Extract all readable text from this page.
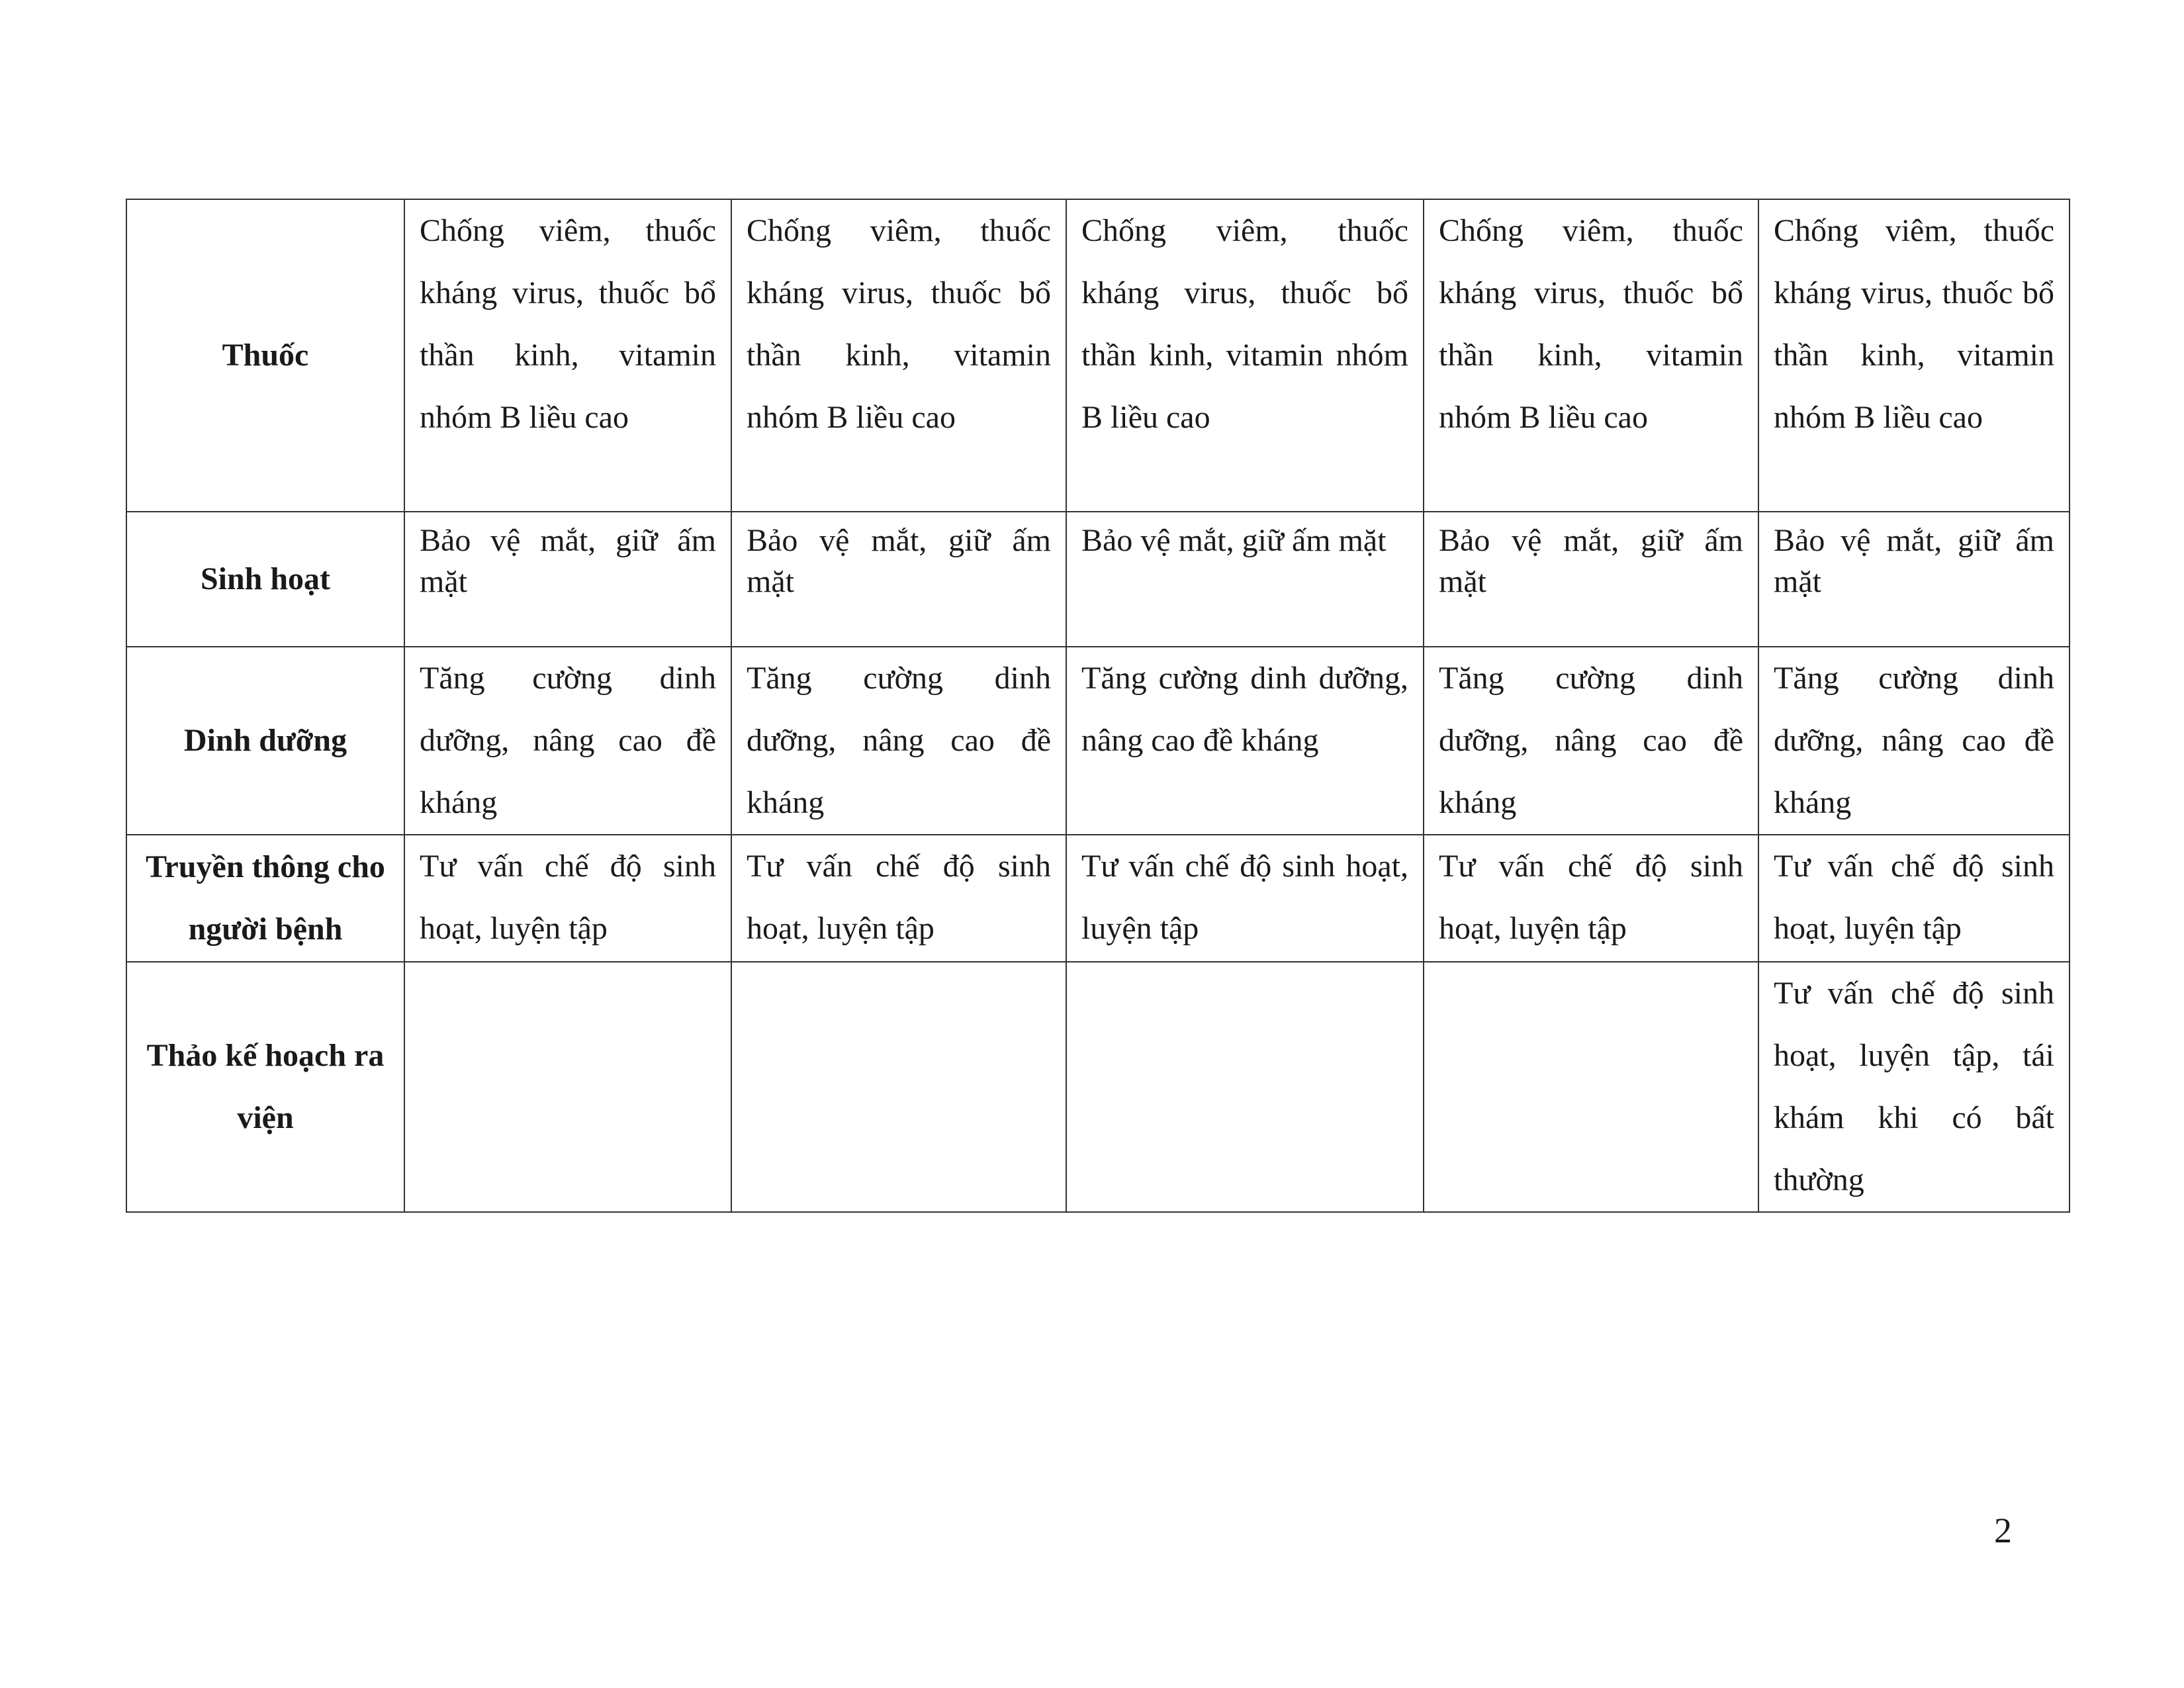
Thuốc	Chống viêm, thuốc kháng virus, thuốc bổ thần kinh, vitamin nhóm B liều cao	Chống viêm, thuốc kháng virus, thuốc bổ thần kinh, vitamin nhóm B liều cao	Chống viêm, thuốc kháng virus, thuốc bổ thần kinh, vitamin nhóm B liều cao	Chống viêm, thuốc kháng virus, thuốc bổ thần kinh, vitamin nhóm B liều cao	Chống viêm, thuốc kháng virus, thuốc bổ thần kinh, vitamin nhóm B liều cao
Sinh hoạt	Bảo vệ mắt, giữ ấm mặt	Bảo vệ mắt, giữ ấm mặt	Bảo vệ mắt, giữ ấm mặt	Bảo vệ mắt, giữ ấm mặt	Bảo vệ mắt, giữ ấm mặt
Dinh dưỡng	Tăng cường dinh dưỡng, nâng cao đề kháng	Tăng cường dinh dưỡng, nâng cao đề kháng	Tăng cường dinh dưỡng, nâng cao đề kháng	Tăng cường dinh dưỡng, nâng cao đề kháng	Tăng cường dinh dưỡng, nâng cao đề kháng
Truyền thông cho người bệnh	Tư vấn chế độ sinh hoạt, luyện tập	Tư vấn chế độ sinh hoạt, luyện tập	Tư vấn chế độ sinh hoạt, luyện tập	Tư vấn chế độ sinh hoạt, luyện tập	Tư vấn chế độ sinh hoạt, luyện tập
Thảo kế hoạch ra viện					Tư vấn chế độ sinh hoạt, luyện tập, tái khám khi có bất thường
2
